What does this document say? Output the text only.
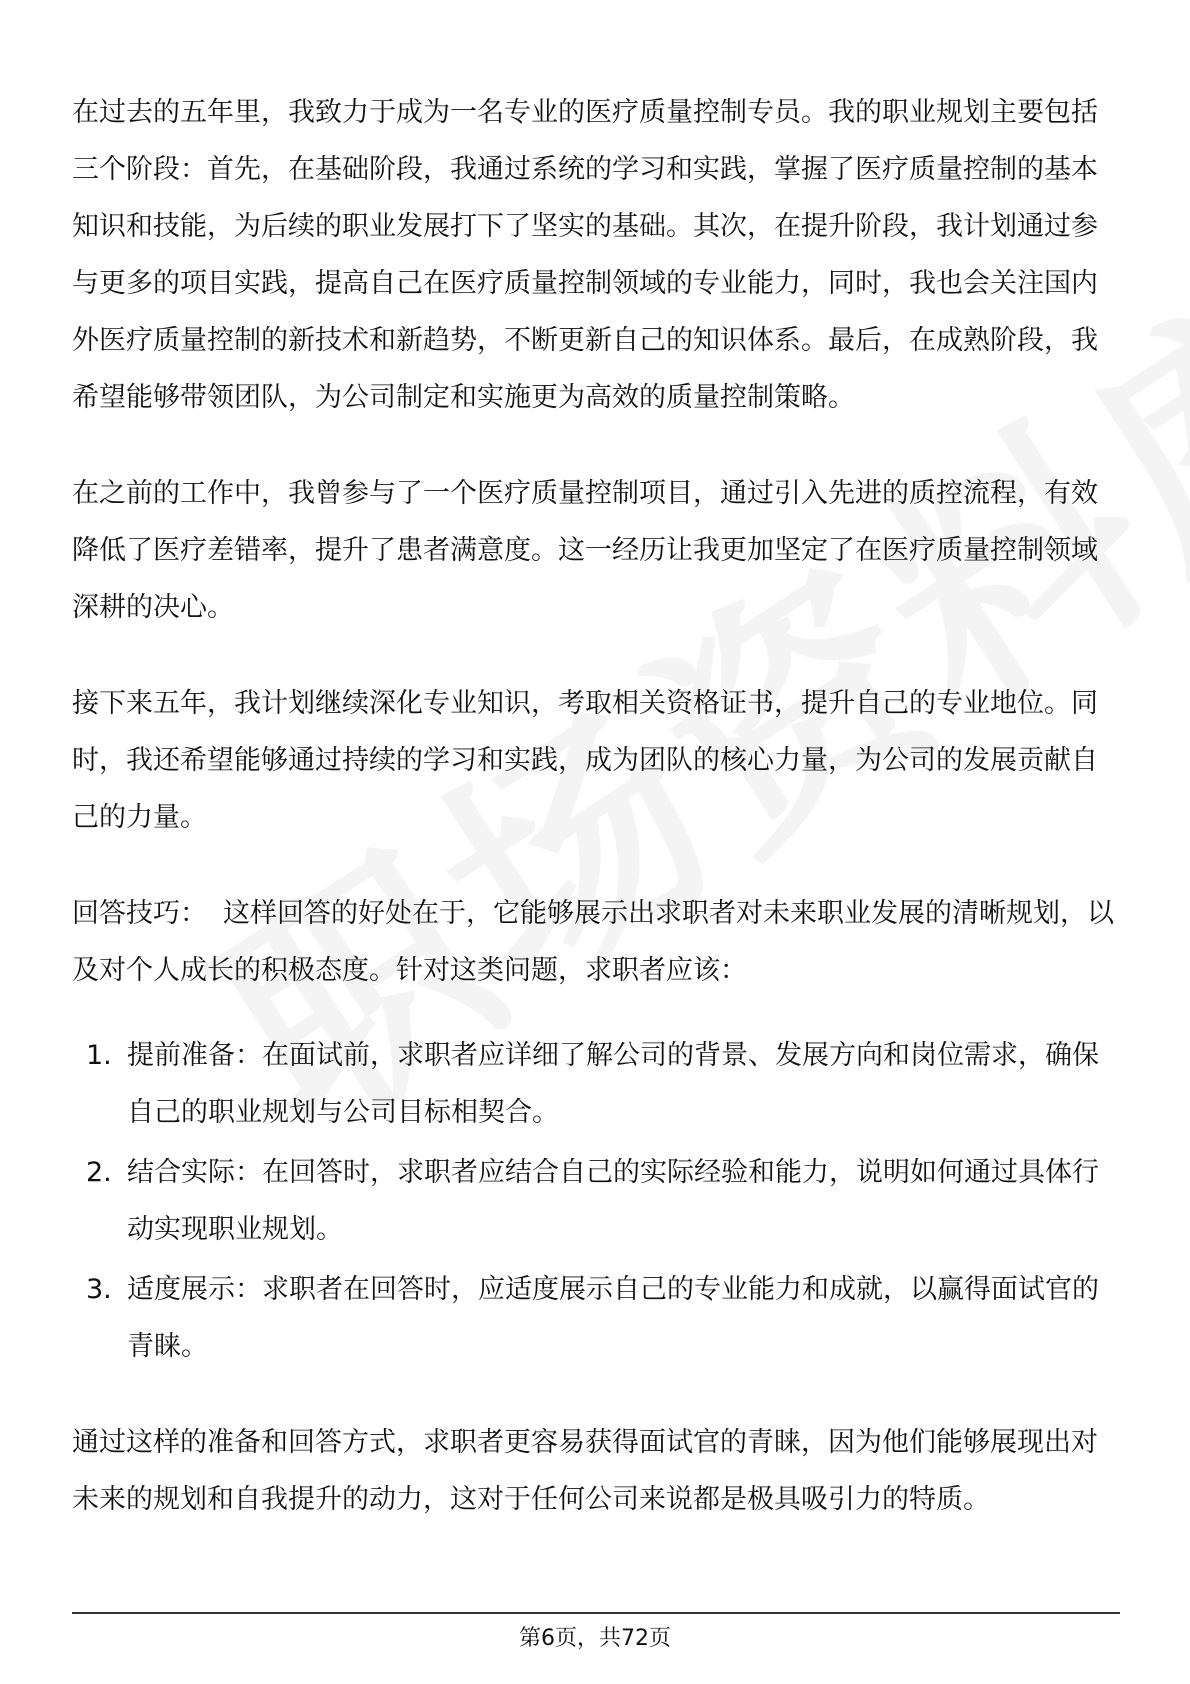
在过去的五年里，我致力于成为一名专业的医疗质量控制专员。我的职业规划主要包括三个阶段：首先，在基础阶段，我通过系统的学习和实践，掌握了医疗质量控制的基本知识和技能，为后续的职业发展打下了坚实的基础。其次，在提升阶段，我计划通过参与更多的项目实践，提高自己在医疗质量控制领域的专业能力，同时，我也会关注国内外医疗质量控制的新技术和新趋势，不断更新自己的知识体系。最后，在成熟阶段，我希望能够带领团队，为公司制定和实施更为高效的质量控制策略。

在之前的工作中，我曾参与了一个医疗质量控制项目，通过引入先进的质控流程，有效降低了医疗差错率，提升了患者满意度。这一经历让我更加坚定了在医疗质量控制领域深耕的决心。

接下来五年，我计划继续深化专业知识，考取相关资格证书，提升自己的专业地位。同时，我还希望能够通过持续的学习和实践，成为团队的核心力量，为公司的发展贡献自己的力量。

回答技巧： 这样回答的好处在于，它能够展示出求职者对未来职业发展的清晰规划，以及对个人成长的积极态度。针对这类问题，求职者应该：

1. 提前准备：在面试前，求职者应详细了解公司的背景、发展方向和岗位需求，确保自己的职业规划与公司目标相契合。
2. 结合实际：在回答时，求职者应结合自己的实际经验和能力，说明如何通过具体行动实现职业规划。
3. 适度展示：求职者在回答时，应适度展示自己的专业能力和成就，以赢得面试官的青睐。

通过这样的准备和回答方式，求职者更容易获得面试官的青睐，因为他们能够展现出对未来的规划和自我提升的动力，这对于任何公司来说都是极具吸引力的特质。

第6页，共72页
